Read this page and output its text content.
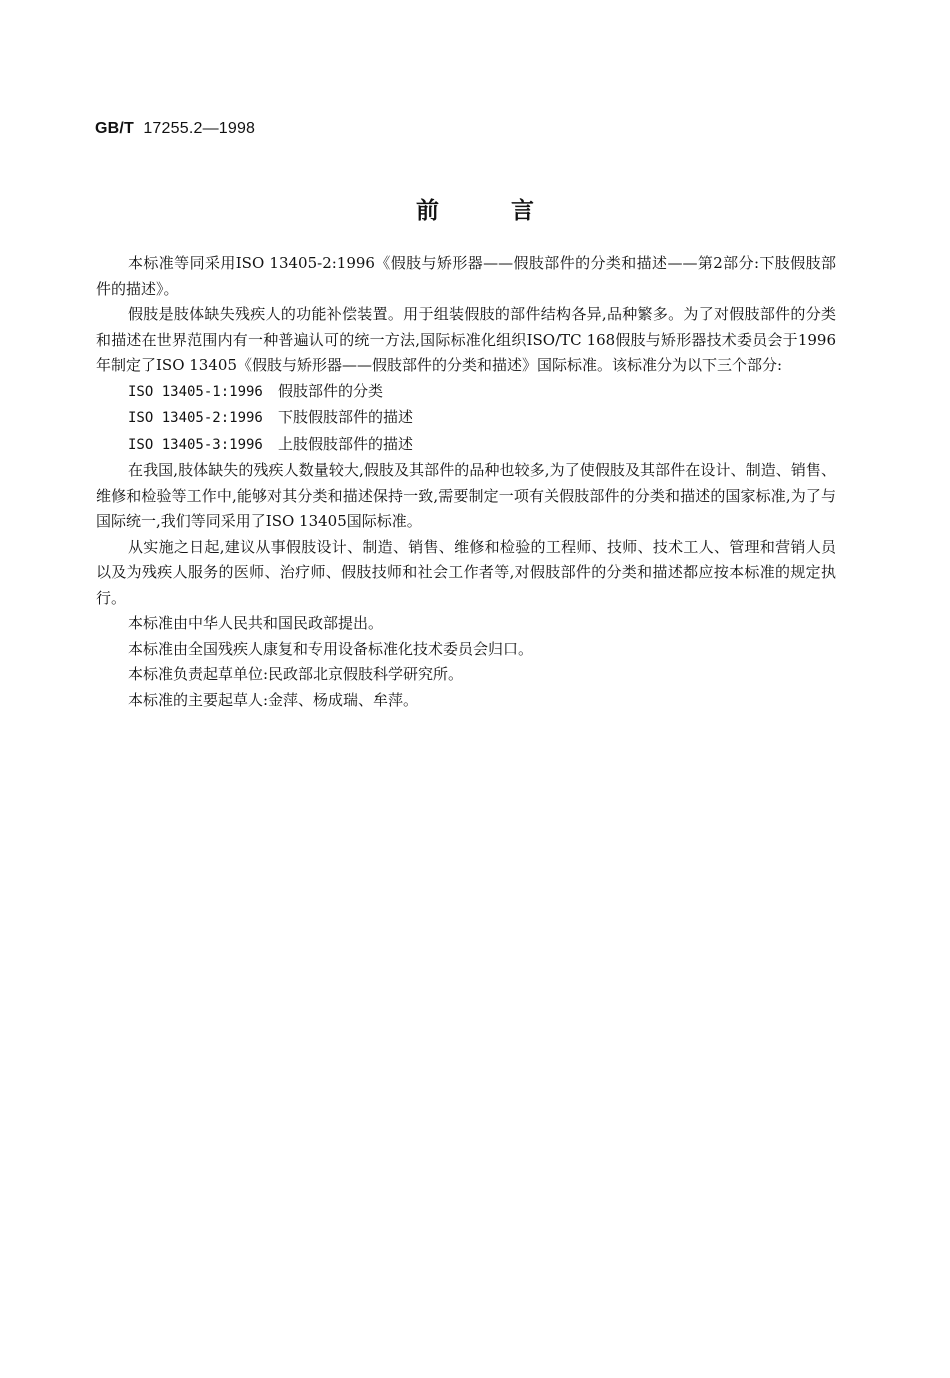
GB/T 17255.2—1998
前言

本标准等同采用ISO 13405-2:1996《假肢与矫形器——假肢部件的分类和描述——第2部分:下肢假肢部件的描述》。

假肢是肢体缺失残疾人的功能补偿装置。用于组装假肢的部件结构各异,品种繁多。为了对假肢部件的分类和描述在世界范围内有一种普遍认可的统一方法,国际标准化组织ISO/TC 168假肢与矫形器技术委员会于1996年制定了ISO 13405《假肢与矫形器——假肢部件的分类和描述》国际标准。该标准分为以下三个部分:

ISO 13405-1:1996 假肢部件的分类
ISO 13405-2:1996 下肢假肢部件的描述
ISO 13405-3:1996 上肢假肢部件的描述

在我国,肢体缺失的残疾人数量较大,假肢及其部件的品种也较多,为了使假肢及其部件在设计、制造、销售、维修和检验等工作中,能够对其分类和描述保持一致,需要制定一项有关假肢部件的分类和描述的国家标准,为了与国际统一,我们等同采用了ISO 13405国际标准。

从实施之日起,建议从事假肢设计、制造、销售、维修和检验的工程师、技师、技术工人、管理和营销人员以及为残疾人服务的医师、治疗师、假肢技师和社会工作者等,对假肢部件的分类和描述都应按本标准的规定执行。

本标准由中华人民共和国民政部提出。

本标准由全国残疾人康复和专用设备标准化技术委员会归口。

本标准负责起草单位:民政部北京假肢科学研究所。

本标准的主要起草人:金萍、杨成瑞、牟萍。
